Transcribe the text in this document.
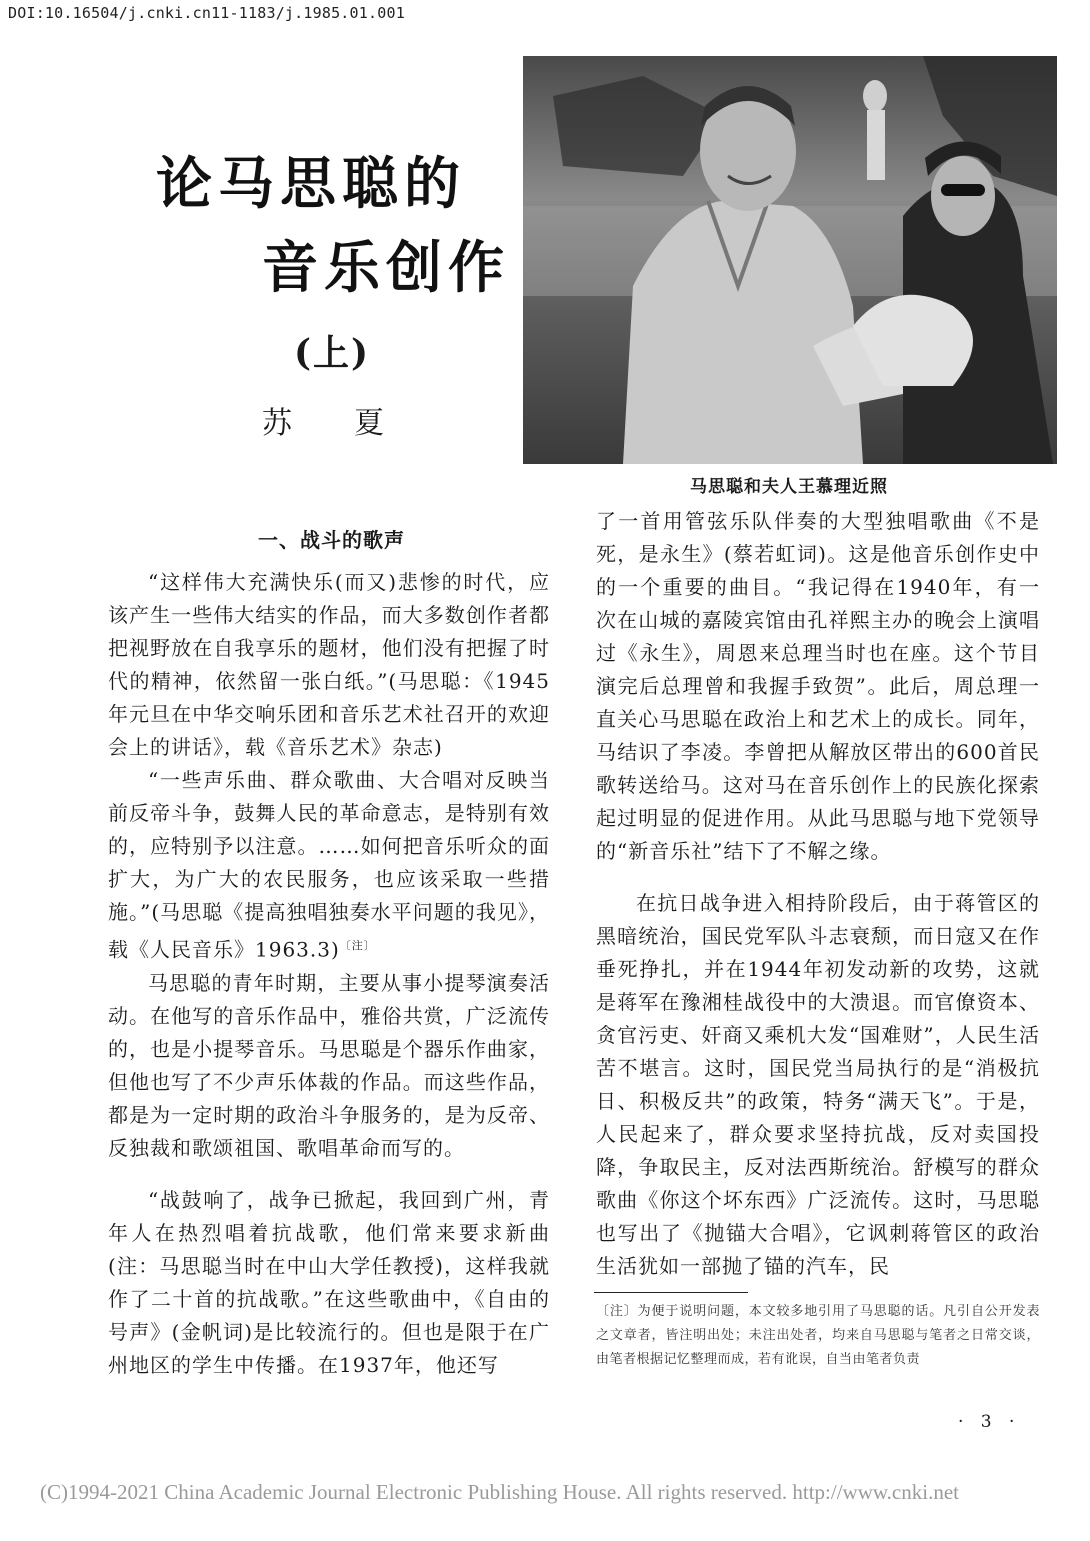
DOI:10.16504/j.cnki.cn11-1183/j.1985.01.001
论马思聪的
音乐创作
(上)
苏 夏
马思聪和夫人王慕理近照
一、战斗的歌声

“这样伟大充满快乐(而又)悲惨的时代，应该产生一些伟大结实的作品，而大多数创作者都把视野放在自我享乐的题材，他们没有把握了时代的精神，依然留一张白纸。”(马思聪：《1945年元旦在中华交响乐团和音乐艺术社召开的欢迎会上的讲话》，载《音乐艺术》杂志)

“一些声乐曲、群众歌曲、大合唱对反映当前反帝斗争，鼓舞人民的革命意志，是特别有效的，应特别予以注意。……如何把音乐听众的面扩大，为广大的农民服务，也应该采取一些措施。”(马思聪《提高独唱独奏水平问题的我见》，载《人民音乐》1963.3)$^{〔注〕}$

马思聪的青年时期，主要从事小提琴演奏活动。在他写的音乐作品中，雅俗共赏，广泛流传的，也是小提琴音乐。马思聪是个器乐作曲家，但他也写了不少声乐体裁的作品。而这些作品，都是为一定时期的政治斗争服务的，是为反帝、反独裁和歌颂祖国、歌唱革命而写的。

“战鼓响了，战争已掀起，我回到广州，青年人在热烈唱着抗战歌，他们常来要求新曲(注：马思聪当时在中山大学任教授)，这样我就作了二十首的抗战歌。”在这些歌曲中，《自由的号声》(金帆词)是比较流行的。但也是限于在广州地区的学生中传播。在1937年，他还写

了一首用管弦乐队伴奏的大型独唱歌曲《不是死，是永生》(蔡若虹词)。这是他音乐创作史中的一个重要的曲目。“我记得在1940年，有一次在山城的嘉陵宾馆由孔祥熙主办的晚会上演唱过《永生》，周恩来总理当时也在座。这个节目演完后总理曾和我握手致贺”。此后，周总理一直关心马思聪在政治上和艺术上的成长。同年，马结识了李凌。李曾把从解放区带出的600首民歌转送给马。这对马在音乐创作上的民族化探索起过明显的促进作用。从此马思聪与地下党领导的“新音乐社”结下了不解之缘。

在抗日战争进入相持阶段后，由于蒋管区的黑暗统治，国民党军队斗志衰颓，而日寇又在作垂死挣扎，并在1944年初发动新的攻势，这就是蒋军在豫湘桂战役中的大溃退。而官僚资本、贪官污吏、奸商又乘机大发“国难财”，人民生活苦不堪言。这时，国民党当局执行的是“消极抗日、积极反共”的政策，特务“满天飞”。于是，人民起来了，群众要求坚持抗战，反对卖国投降，争取民主，反对法西斯统治。舒模写的群众歌曲《你这个坏东西》广泛流传。这时，马思聪也写出了《抛锚大合唱》，它讽刺蒋管区的政治生活犹如一部抛了锚的汽车，民

〔注〕为便于说明问题，本文较多地引用了马思聪的话。凡引自公开发表之文章者，皆注明出处；未注出处者，均来自马思聪与笔者之日常交谈，由笔者根据记忆整理而成，若有讹误，自当由笔者负责
· 3 ·
(C)1994-2021 China Academic Journal Electronic Publishing House. All rights reserved. http://www.cnki.net
